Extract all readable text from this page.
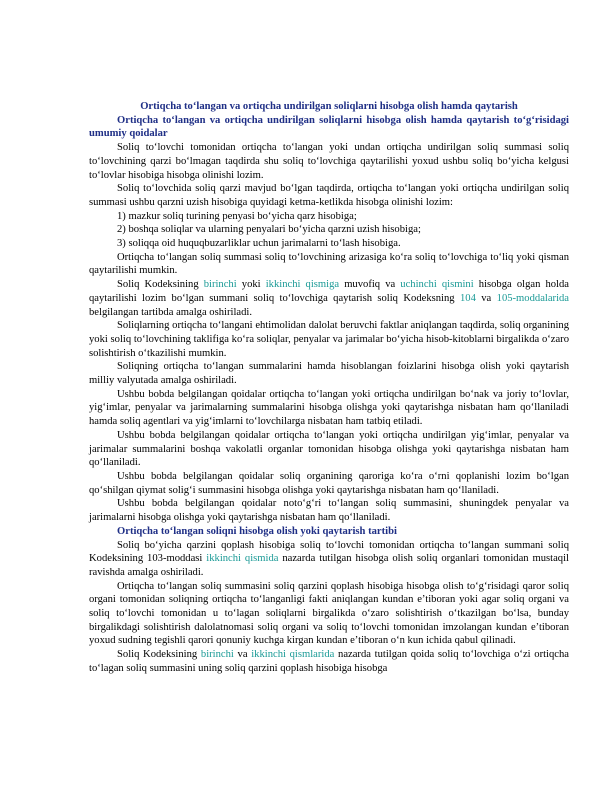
Ortiqcha to‘langan va ortiqcha undirilgan soliqlarni hisobga olish hamda qaytarish

Ortiqcha to‘langan va ortiqcha undirilgan soliqlarni hisobga olish hamda qaytarish to‘g‘risidagi umumiy qoidalar

Soliq to‘lovchi tomonidan ortiqcha to‘langan yoki undan ortiqcha undirilgan soliq summasi soliq to‘lovchining qarzi bo‘lmagan taqdirda shu soliq to‘lovchiga qaytarilishi yoxud ushbu soliq bo‘yicha kelgusi to‘lovlar hisobiga hisobga olinishi lozim.

Soliq to‘lovchida soliq qarzi mavjud bo‘lgan taqdirda, ortiqcha to‘langan yoki ortiqcha undirilgan soliq summasi ushbu qarzni uzish hisobiga quyidagi ketma-ketlikda hisobga olinishi lozim:

1) mazkur soliq turining penyasi bo‘yicha qarz hisobiga;

2) boshqa soliqlar va ularning penyalari bo‘yicha qarzni uzish hisobiga;

3) soliqqa oid huquqbuzarliklar uchun jarimalarni to‘lash hisobiga.

Ortiqcha to‘langan soliq summasi soliq to‘lovchining arizasiga ko‘ra soliq to‘lovchiga to‘liq yoki qisman qaytarilishi mumkin.

Soliq Kodeksining birinchi yoki ikkinchi qismiga muvofiq va uchinchi qismini hisobga olgan holda qaytarilishi lozim bo‘lgan summani soliq to‘lovchiga qaytarish soliq Kodeksning 104 va 105-moddalarida belgilangan tartibda amalga oshiriladi.

Soliqlarning ortiqcha to‘langani ehtimolidan dalolat beruvchi faktlar aniqlangan taqdirda, soliq organining yoki soliq to‘lovchining taklifiga ko‘ra soliqlar, penyalar va jarimalar bo‘yicha hisob-kitoblarni birgalikda o‘zaro solishtirish o‘tkazilishi mumkin.

Soliqning ortiqcha to‘langan summalarini hamda hisoblangan foizlarini hisobga olish yoki qaytarish milliy valyutada amalga oshiriladi.

Ushbu bobda belgilangan qoidalar ortiqcha to‘langan yoki ortiqcha undirilgan bo‘nak va joriy to‘lovlar, yig‘imlar, penyalar va jarimalarning summalarini hisobga olishga yoki qaytarishga nisbatan ham qo‘llaniladi hamda soliq agentlari va yig‘imlarni to‘lovchilarga nisbatan ham tatbiq etiladi.

Ushbu bobda belgilangan qoidalar ortiqcha to‘langan yoki ortiqcha undirilgan yig‘imlar, penyalar va jarimalar summalarini boshqa vakolatli organlar tomonidan hisobga olishga yoki qaytarishga nisbatan ham qo‘llaniladi.

Ushbu bobda belgilangan qoidalar soliq organining qaroriga ko‘ra o‘rni qoplanishi lozim bo‘lgan qo‘shilgan qiymat solig‘i summasini hisobga olishga yoki qaytarishga nisbatan ham qo‘llaniladi.

Ushbu bobda belgilangan qoidalar noto‘g‘ri to‘langan soliq summasini, shuningdek penyalar va jarimalarni hisobga olishga yoki qaytarishga nisbatan ham qo‘llaniladi.

Ortiqcha to‘langan soliqni hisobga olish yoki qaytarish tartibi

Soliq bo‘yicha qarzini qoplash hisobiga soliq to‘lovchi tomonidan ortiqcha to‘langan summani soliq Kodeksining 103-moddasi ikkinchi qismida nazarda tutilgan hisobga olish soliq organlari tomonidan mustaqil ravishda amalga oshiriladi.

Ortiqcha to‘langan soliq summasini soliq qarzini qoplash hisobiga hisobga olish to‘g‘risidagi qaror soliq organi tomonidan soliqning ortiqcha to‘langanligi fakti aniqlangan kundan e’tiboran yoki agar soliq organi va soliq to‘lovchi tomonidan u to‘lagan soliqlarni birgalikda o‘zaro solishtirish o‘tkazilgan bo‘lsa, bunday birgalikdagi solishtirish dalolatnomasi soliq organi va soliq to‘lovchi tomonidan imzolangan kundan e’tiboran yoxud sudning tegishli qarori qonuniy kuchga kirgan kundan e’tiboran o‘n kun ichida qabul qilinadi.

Soliq Kodeksining birinchi va ikkinchi qismlarida nazarda tutilgan qoida soliq to‘lovchiga o‘zi ortiqcha to‘lagan soliq summasini uning soliq qarzini qoplash hisobiga hisobga
